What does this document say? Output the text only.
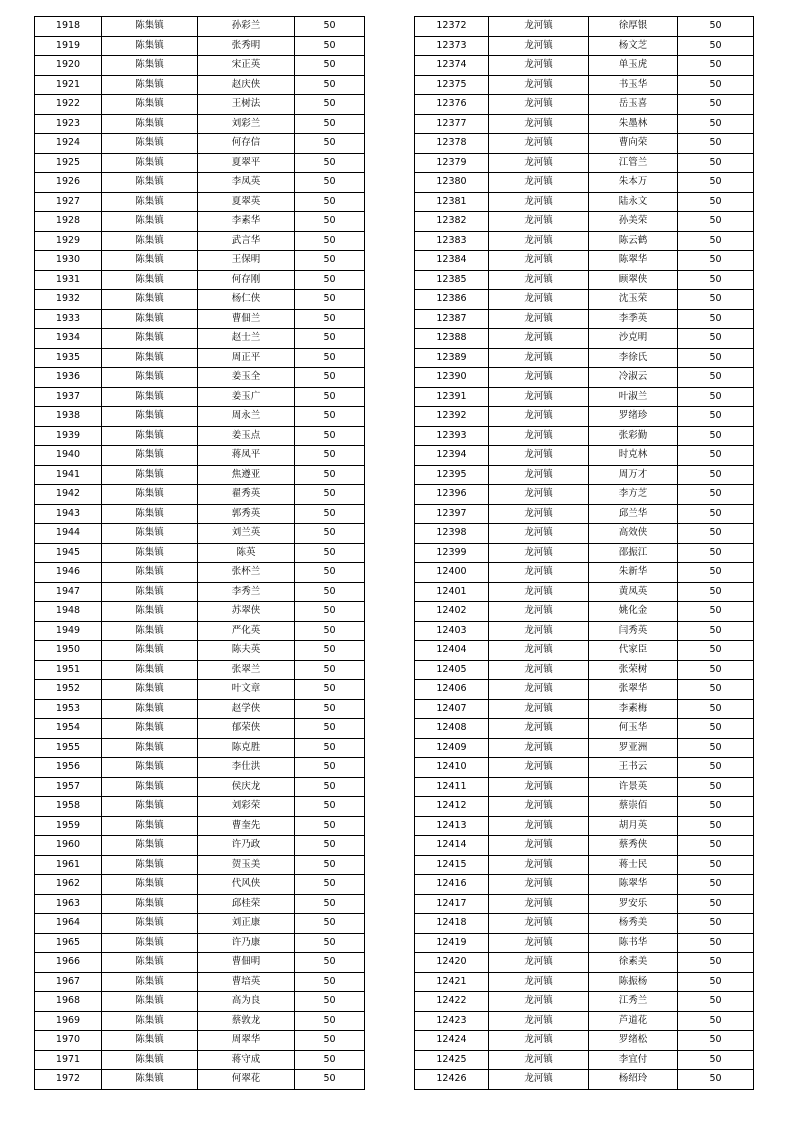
1918	陈集镇	孙彩兰	50
1919	陈集镇	张秀明	50
1920	陈集镇	宋正英	50
1921	陈集镇	赵庆侠	50
1922	陈集镇	王树法	50
1923	陈集镇	刘彩兰	50
1924	陈集镇	何存信	50
1925	陈集镇	夏翠平	50
1926	陈集镇	李凤英	50
1927	陈集镇	夏翠英	50
1928	陈集镇	李素华	50
1929	陈集镇	武言华	50
1930	陈集镇	王保明	50
1931	陈集镇	何存刚	50
1932	陈集镇	杨仁侠	50
1933	陈集镇	曹佃兰	50
1934	陈集镇	赵士兰	50
1935	陈集镇	周正平	50
1936	陈集镇	姜玉全	50
1937	陈集镇	姜玉广	50
1938	陈集镇	周永兰	50
1939	陈集镇	姜玉点	50
1940	陈集镇	蒋凤平	50
1941	陈集镇	焦遵亚	50
1942	陈集镇	翟秀英	50
1943	陈集镇	郭秀英	50
1944	陈集镇	刘兰英	50
1945	陈集镇	陈英	50
1946	陈集镇	张杯兰	50
1947	陈集镇	李秀兰	50
1948	陈集镇	苏翠侠	50
1949	陈集镇	严化英	50
1950	陈集镇	陈夫英	50
1951	陈集镇	张翠兰	50
1952	陈集镇	叶文章	50
1953	陈集镇	赵学侠	50
1954	陈集镇	郁荣侠	50
1955	陈集镇	陈克胜	50
1956	陈集镇	李仕洪	50
1957	陈集镇	侯庆龙	50
1958	陈集镇	刘彩荣	50
1959	陈集镇	曹奎先	50
1960	陈集镇	许乃政	50
1961	陈集镇	贺玉美	50
1962	陈集镇	代风侠	50
1963	陈集镇	邱桂荣	50
1964	陈集镇	刘正康	50
1965	陈集镇	许乃康	50
1966	陈集镇	曹佃明	50
1967	陈集镇	曹培英	50
1968	陈集镇	高为良	50
1969	陈集镇	蔡敦龙	50
1970	陈集镇	周翠华	50
1971	陈集镇	蒋守成	50
1972	陈集镇	何翠花	50
12372	龙河镇	徐厚银	50
12373	龙河镇	杨文芝	50
12374	龙河镇	单玉虎	50
12375	龙河镇	书玉华	50
12376	龙河镇	岳玉喜	50
12377	龙河镇	朱墨林	50
12378	龙河镇	曹向荣	50
12379	龙河镇	江管兰	50
12380	龙河镇	朱本万	50
12381	龙河镇	陆永文	50
12382	龙河镇	孙美荣	50
12383	龙河镇	陈云鹤	50
12384	龙河镇	陈翠华	50
12385	龙河镇	顾翠侠	50
12386	龙河镇	沈玉荣	50
12387	龙河镇	李季英	50
12388	龙河镇	沙克明	50
12389	龙河镇	李徐氏	50
12390	龙河镇	冷淑云	50
12391	龙河镇	叶淑兰	50
12392	龙河镇	罗绪珍	50
12393	龙河镇	张彩勤	50
12394	龙河镇	时克林	50
12395	龙河镇	周万才	50
12396	龙河镇	李方芝	50
12397	龙河镇	邱兰华	50
12398	龙河镇	高效侠	50
12399	龙河镇	邵振江	50
12400	龙河镇	朱新华	50
12401	龙河镇	黄凤英	50
12402	龙河镇	姚化金	50
12403	龙河镇	闫秀英	50
12404	龙河镇	代家臣	50
12405	龙河镇	张荣树	50
12406	龙河镇	张翠华	50
12407	龙河镇	李素梅	50
12408	龙河镇	何玉华	50
12409	龙河镇	罗亚洲	50
12410	龙河镇	王书云	50
12411	龙河镇	许景英	50
12412	龙河镇	蔡崇佰	50
12413	龙河镇	胡月英	50
12414	龙河镇	蔡秀侠	50
12415	龙河镇	蒋士民	50
12416	龙河镇	陈翠华	50
12417	龙河镇	罗安乐	50
12418	龙河镇	杨秀美	50
12419	龙河镇	陈书华	50
12420	龙河镇	徐素美	50
12421	龙河镇	陈振杨	50
12422	龙河镇	江秀兰	50
12423	龙河镇	芦道花	50
12424	龙河镇	罗绪松	50
12425	龙河镇	李宜付	50
12426	龙河镇	杨绍玲	50
